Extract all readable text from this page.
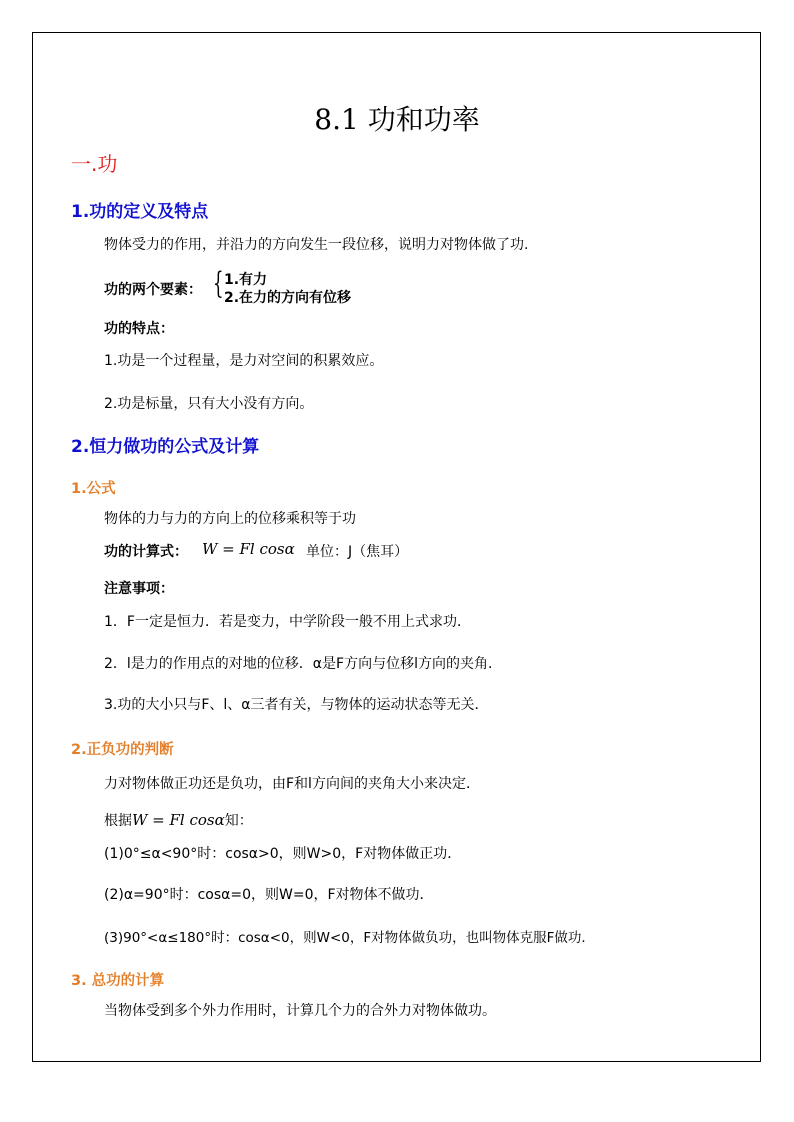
8.1 功和功率
一.功
1.功的定义及特点
物体受力的作用，并沿力的方向发生一段位移，说明力对物体做了功.
功的两个要素： { 1.有力
2.在力的方向有位移
功的特点：
1.功是一个过程量，是力对空间的积累效应。
2.功是标量，只有大小没有方向。
2.恒力做功的公式及计算
1.公式
物体的力与力的方向上的位移乘积等于功
功的计算式： W = Fl cosα 单位：J（焦耳）
注意事项：
1．F一定是恒力．若是变力，中学阶段一般不用上式求功．
2．l是力的作用点的对地的位移．α是F方向与位移l方向的夹角．
3.功的大小只与F、l、α三者有关，与物体的运动状态等无关．
2.正负功的判断
力对物体做正功还是负功，由F和l方向间的夹角大小来决定．
根据W = Fl cosα知：
(1)0°≤α<90°时：cosα>0，则W>0，F对物体做正功．
(2)α=90°时：cosα=0，则W=0，F对物体不做功．
(3)90°<α≤180°时：cosα<0，则W<0，F对物体做负功，也叫物体克服F做功．
3. 总功的计算
当物体受到多个外力作用时，计算几个力的合外力对物体做功。
